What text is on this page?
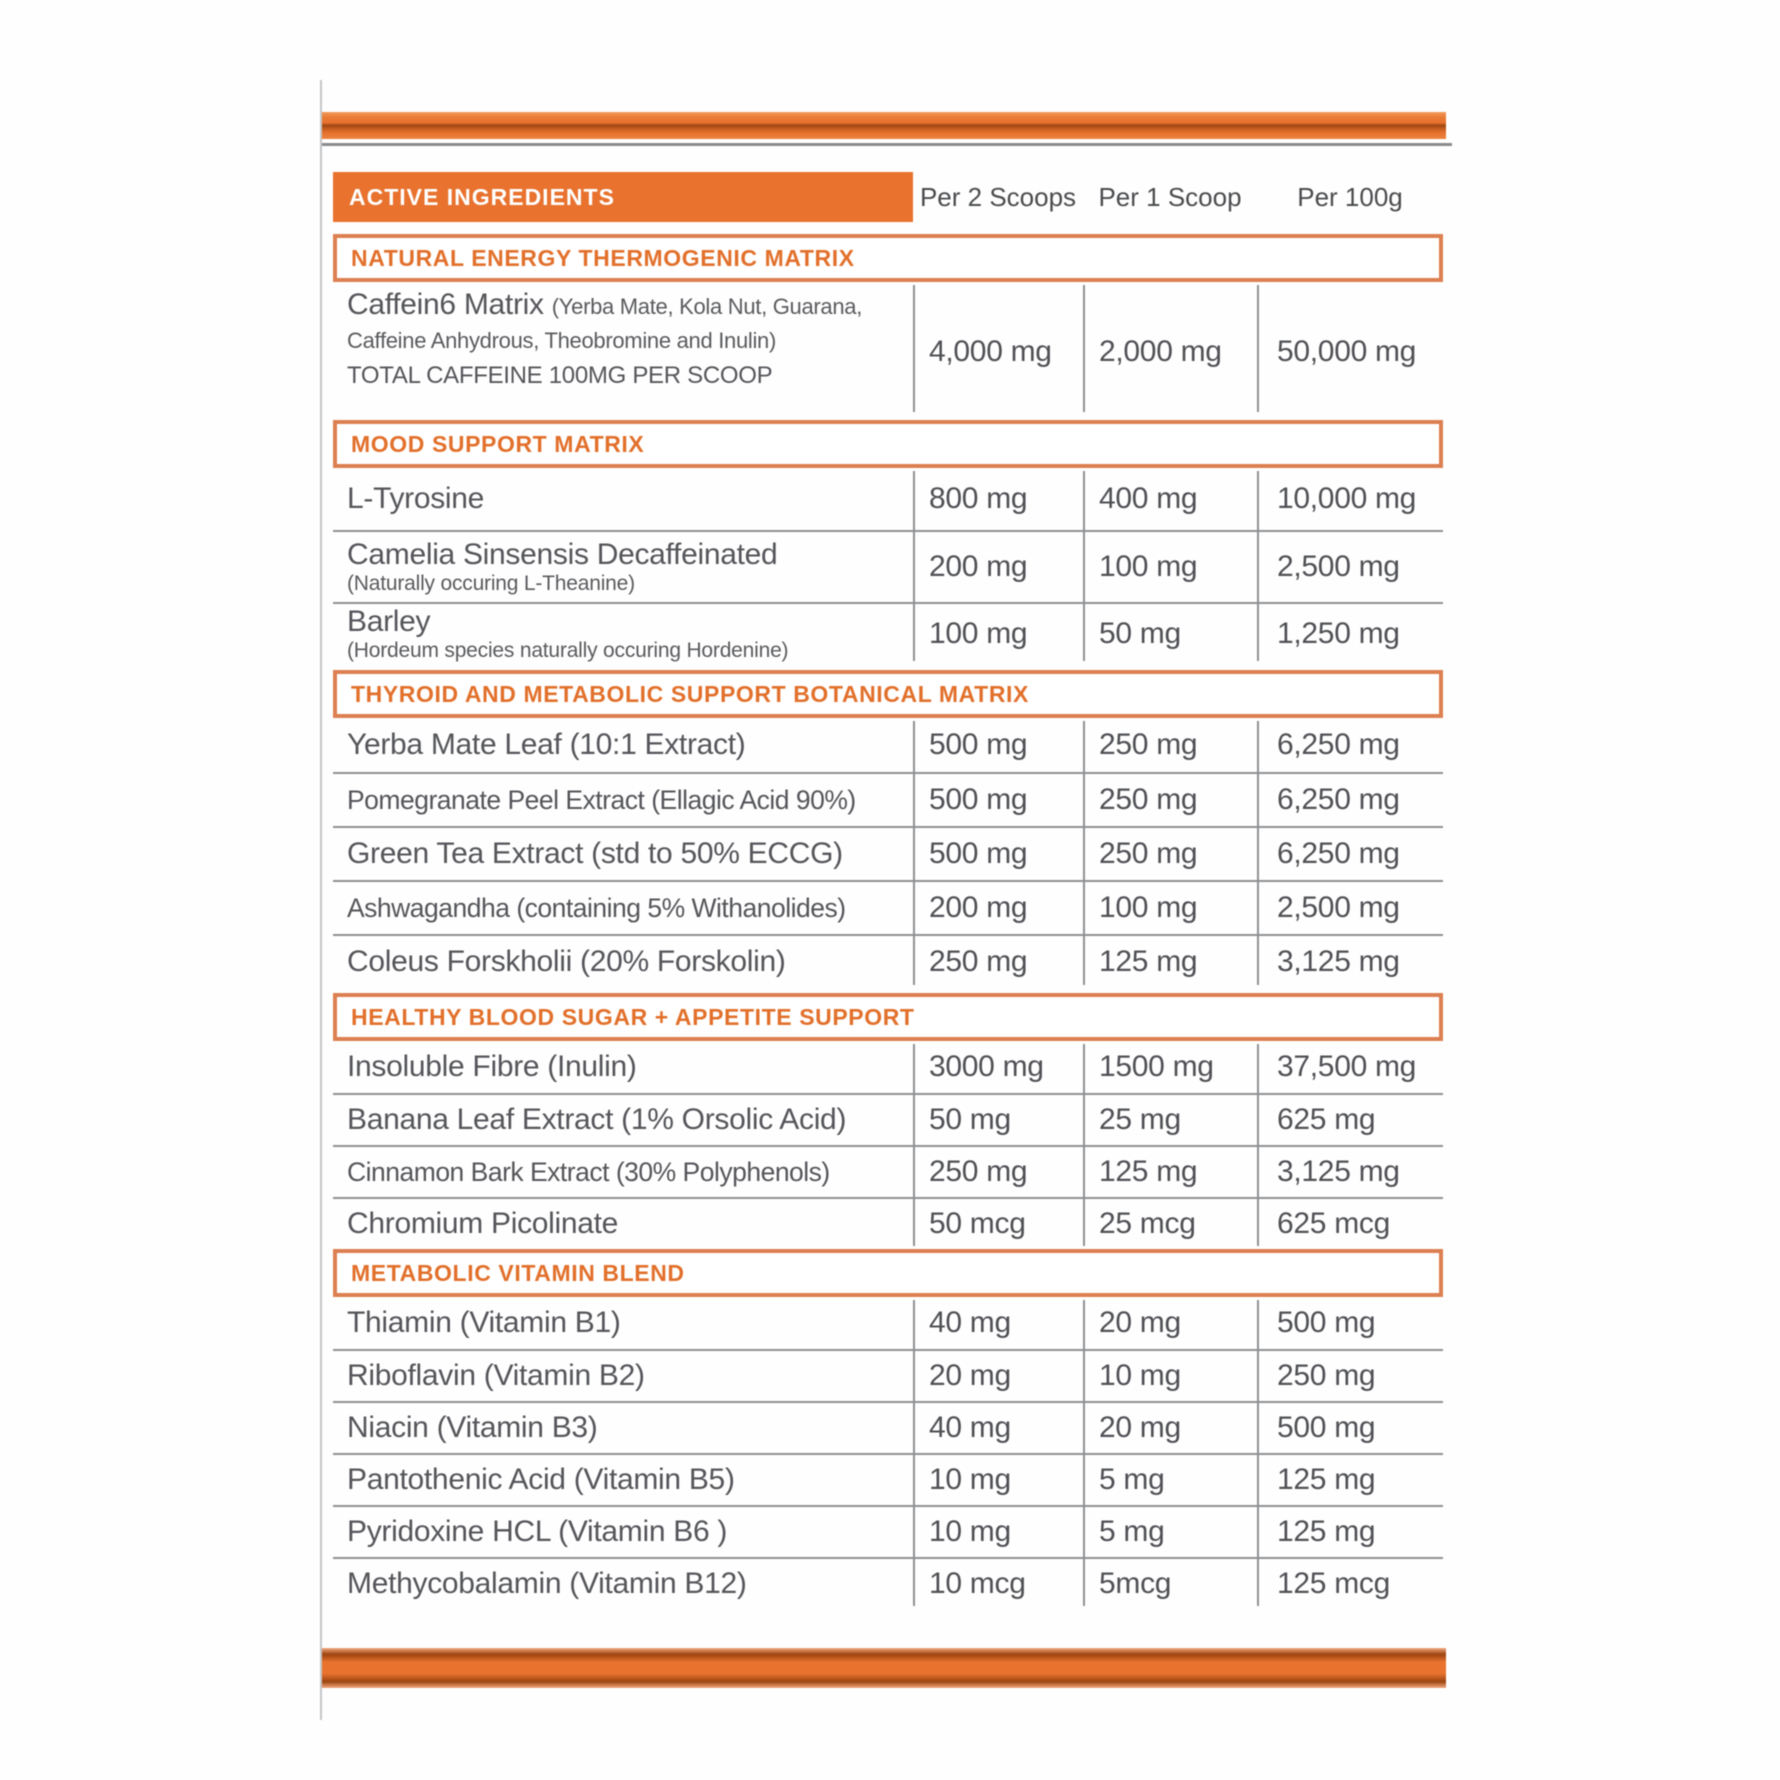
ACTIVE INGREDIENTS	Per 2 Scoops Per 1 Scoop	Per 100g
NATURAL ENERGY THERMOGENIC MATRIX
Caffein6 Matrix (Yerba Mate, Kola Nut, Guarana, Caffeine Anhydrous, Theobromine and Inulin)
TOTAL CAFFEINE 100MG PER SCOOP
4,000 mg	2,000 mg	50,000 mg
MOOD SUPPORT MATRIX
L-Tyrosine	800 mg	400 mg	10,000 mg
Camelia Sinsensis Decaffeinated
(Naturally occuring L-Theanine)
200 mg	100 mg	2,500 mg
Barley
(Hordeum species naturally occuring Hordenine)
100 mg	50 mg	1,250 mg
THYROID AND METABOLIC SUPPORT BOTANICAL MATRIX
Yerba Mate Leaf (10:1 Extract)	500 mg	250 mg	6,250 mg
Pomegranate Peel Extract (Ellagic Acid 90%)	500 mg	250 mg	6,250 mg
Green Tea Extract (std to 50% ECCG)	500 mg	250 mg	6,250 mg
Ashwagandha (containing 5% Withanolides)	200 mg	100 mg	2,500 mg
Coleus Forskholii (20% Forskolin)	250 mg	125 mg	3,125 mg
HEALTHY BLOOD SUGAR + APPETITE SUPPORT
Insoluble Fibre (Inulin)	3000 mg	1500 mg	37,500 mg
Banana Leaf Extract (1% Orsolic Acid)	50 mg	25 mg	625 mg
Cinnamon Bark Extract (30% Polyphenols)	250 mg	125 mg	3,125 mg
Chromium Picolinate	50 mcg	25 mcg	625 mcg
METABOLIC VITAMIN BLEND
Thiamin (Vitamin B1)	40 mg	20 mg	500 mg
Riboflavin (Vitamin B2)	20 mg	10 mg	250 mg
Niacin (Vitamin B3)	40 mg	20 mg	500 mg
Pantothenic Acid (Vitamin B5)	10 mg	5 mg	125 mg
Pyridoxine HCL (Vitamin B6 )	10 mg	5 mg	125 mg
Methycobalamin (Vitamin B12)	10 mcg	5mcg	125 mcg
